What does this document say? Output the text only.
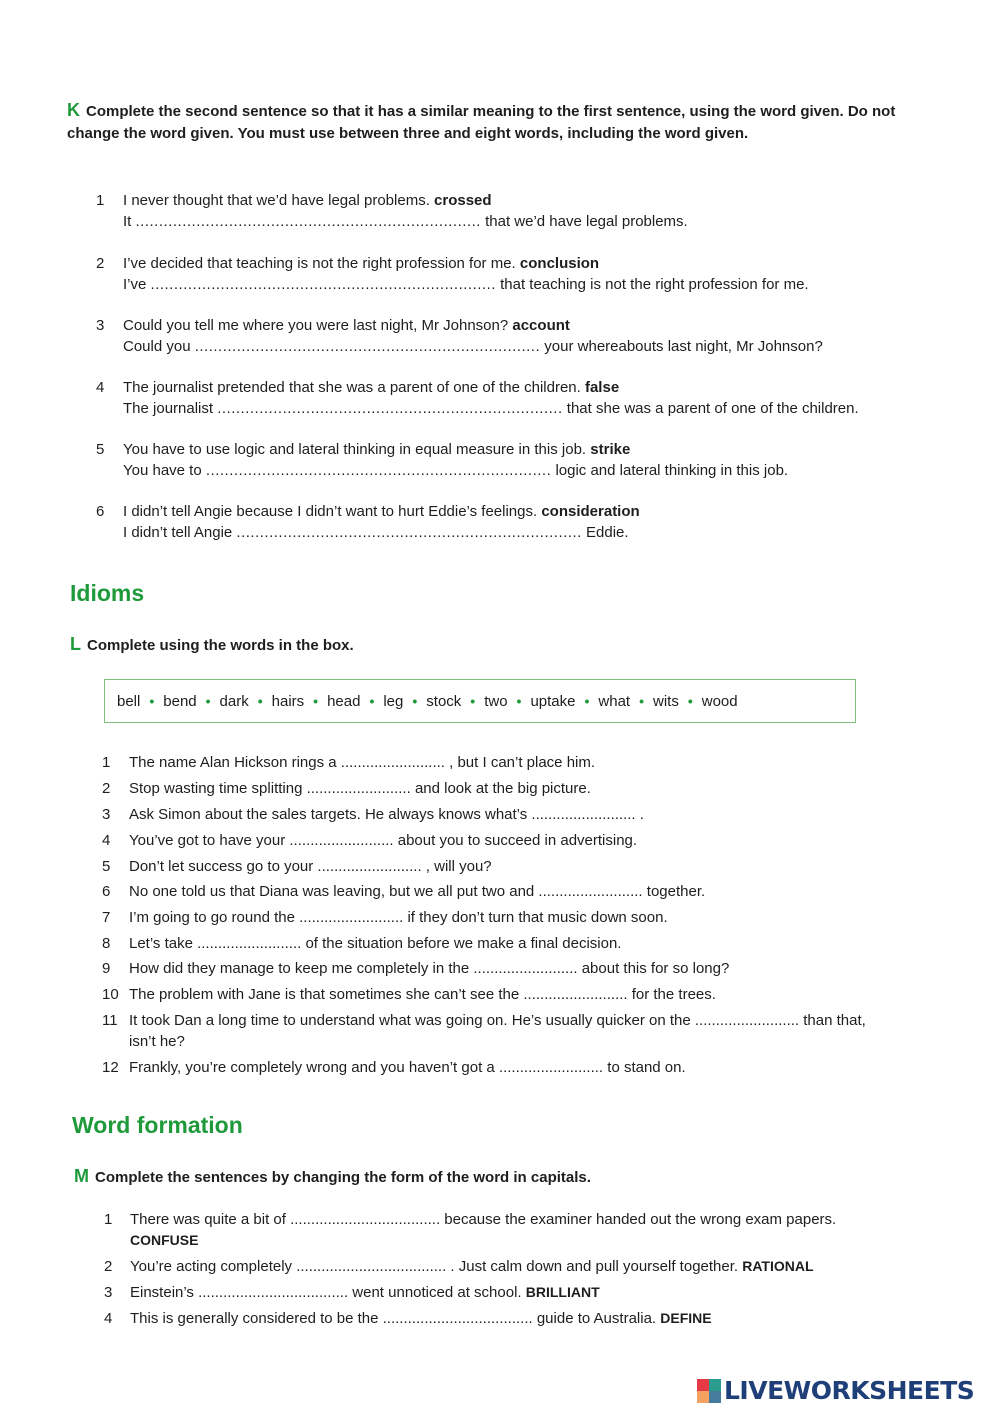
K Complete the second sentence so that it has a similar meaning to the first sentence, using the word given. Do not change the word given. You must use between three and eight words, including the word given.
1	I never thought that we’d have legal problems. crossed
It .......................................................................... that we’d have legal problems.
2	I’ve decided that teaching is not the right profession for me. conclusion
I’ve .......................................................................... that teaching is not the right profession for me.
3	Could you tell me where you were last night, Mr Johnson? account
Could you .......................................................................... your whereabouts last night, Mr Johnson?
4	The journalist pretended that she was a parent of one of the children. false
The journalist .......................................................................... that she was a parent of one of the children.
5	You have to use logic and lateral thinking in equal measure in this job. strike
You have to .......................................................................... logic and lateral thinking in this job.
6	I didn’t tell Angie because I didn’t want to hurt Eddie’s feelings. consideration
I didn’t tell Angie .......................................................................... Eddie.
Idioms
L Complete using the words in the box.
bell • bend • dark • hairs • head • leg • stock • two • uptake • what • wits • wood
1	The name Alan Hickson rings a ......................... , but I can’t place him.
2	Stop wasting time splitting ......................... and look at the big picture.
3	Ask Simon about the sales targets. He always knows what’s ......................... .
4	You’ve got to have your ......................... about you to succeed in advertising.
5	Don’t let success go to your ......................... , will you?
6	No one told us that Diana was leaving, but we all put two and ......................... together.
7	I’m going to go round the ......................... if they don’t turn that music down soon.
8	Let’s take ......................... of the situation before we make a final decision.
9	How did they manage to keep me completely in the ......................... about this for so long?
10 The problem with Jane is that sometimes she can’t see the ......................... for the trees.
11 It took Dan a long time to understand what was going on. He’s usually quicker on the ......................... than that, isn’t he?
12 Frankly, you’re completely wrong and you haven’t got a ......................... to stand on.
Word formation
M Complete the sentences by changing the form of the word in capitals.
1	There was quite a bit of .................................... because the examiner handed out the wrong exam papers.
CONFUSE
2	You’re acting completely .................................... . Just calm down and pull yourself together. RATIONAL
3	Einstein’s .................................... went unnoticed at school. BRILLIANT
4	This is generally considered to be the .................................... guide to Australia. DEFINE
LIVEWORKSHEETS
